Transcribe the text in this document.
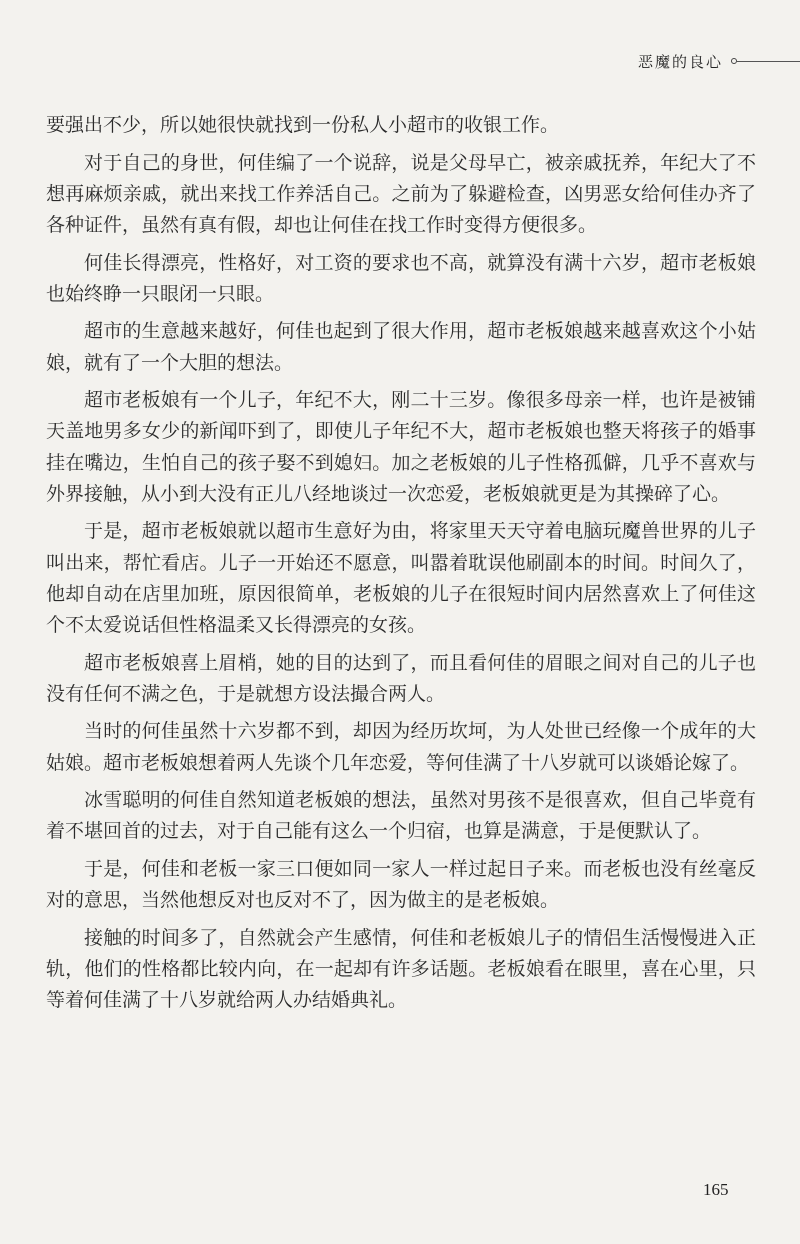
恶魔的良心

要强出不少，所以她很快就找到一份私人小超市的收银工作。

对于自己的身世，何佳编了一个说辞，说是父母早亡，被亲戚抚养，年纪大了不想再麻烦亲戚，就出来找工作养活自己。之前为了躲避检查，凶男恶女给何佳办齐了各种证件，虽然有真有假，却也让何佳在找工作时变得方便很多。

何佳长得漂亮，性格好，对工资的要求也不高，就算没有满十六岁，超市老板娘也始终睁一只眼闭一只眼。

超市的生意越来越好，何佳也起到了很大作用，超市老板娘越来越喜欢这个小姑娘，就有了一个大胆的想法。

超市老板娘有一个儿子，年纪不大，刚二十三岁。像很多母亲一样，也许是被铺天盖地男多女少的新闻吓到了，即使儿子年纪不大，超市老板娘也整天将孩子的婚事挂在嘴边，生怕自己的孩子娶不到媳妇。加之老板娘的儿子性格孤僻，几乎不喜欢与外界接触，从小到大没有正儿八经地谈过一次恋爱，老板娘就更是为其操碎了心。

于是，超市老板娘就以超市生意好为由，将家里天天守着电脑玩魔兽世界的儿子叫出来，帮忙看店。儿子一开始还不愿意，叫嚣着耽误他刷副本的时间。时间久了，他却自动在店里加班，原因很简单，老板娘的儿子在很短时间内居然喜欢上了何佳这个不太爱说话但性格温柔又长得漂亮的女孩。

超市老板娘喜上眉梢，她的目的达到了，而且看何佳的眉眼之间对自己的儿子也没有任何不满之色，于是就想方设法撮合两人。

当时的何佳虽然十六岁都不到，却因为经历坎坷，为人处世已经像一个成年的大姑娘。超市老板娘想着两人先谈个几年恋爱，等何佳满了十八岁就可以谈婚论嫁了。

冰雪聪明的何佳自然知道老板娘的想法，虽然对男孩不是很喜欢，但自己毕竟有着不堪回首的过去，对于自己能有这么一个归宿，也算是满意，于是便默认了。

于是，何佳和老板一家三口便如同一家人一样过起日子来。而老板也没有丝毫反对的意思，当然他想反对也反对不了，因为做主的是老板娘。

接触的时间多了，自然就会产生感情，何佳和老板娘儿子的情侣生活慢慢进入正轨，他们的性格都比较内向，在一起却有许多话题。老板娘看在眼里，喜在心里，只等着何佳满了十八岁就给两人办结婚典礼。

165
